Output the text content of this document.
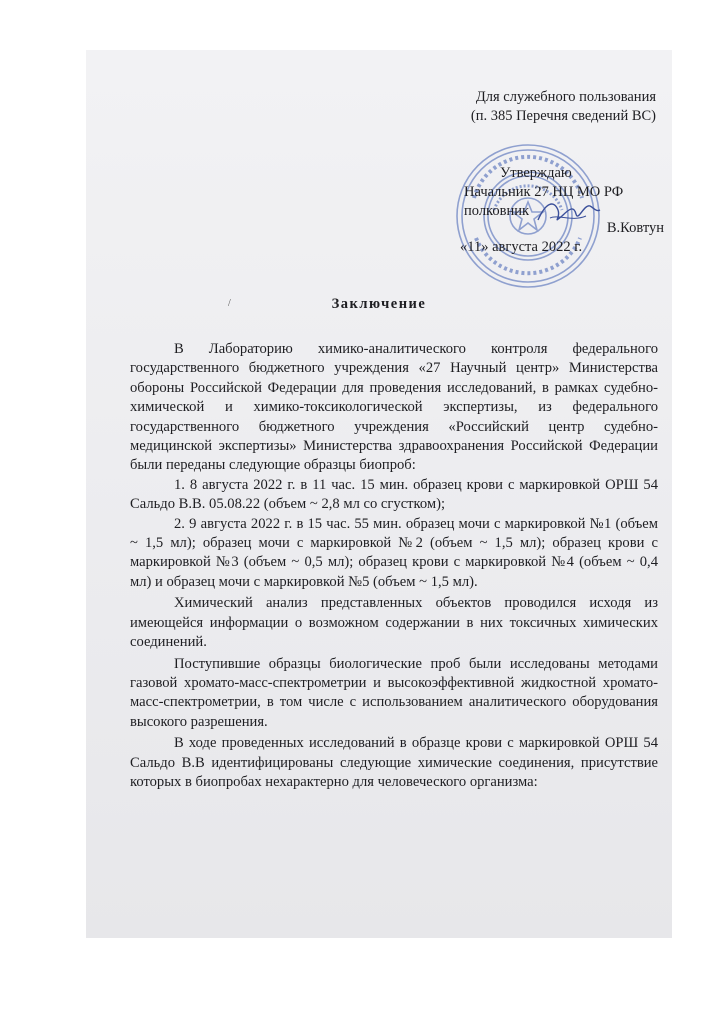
Для служебного пользования
(п. 385 Перечня сведений ВС)
Утверждаю
Начальник 27 НЦ МО РФ
полковник
В.Ковтун
«11» августа 2022 г.
/	Заключение

В Лабораторию химико-аналитического контроля федерального государственного бюджетного учреждения «27 Научный центр» Министерства обороны Российской Федерации для проведения исследований, в рамках судебно-химической и химико-токсикологической экспертизы, из федерального государственного бюджетного учреждения «Российский центр судебно-медицинской экспертизы» Министерства здравоохранения Российской Федерации были переданы следующие образцы биопроб:

1. 8 августа 2022 г. в 11 час. 15 мин. образец крови с маркировкой ОРШ 54 Сальдо В.В. 05.08.22 (объем ~ 2,8 мл со сгустком);

2. 9 августа 2022 г. в 15 час. 55 мин. образец мочи с маркировкой №1 (объем ~ 1,5 мл); образец мочи с маркировкой №2 (объем ~ 1,5 мл); образец крови с маркировкой №3 (объем ~ 0,5 мл); образец крови с маркировкой №4 (объем ~ 0,4 мл) и образец мочи с маркировкой №5 (объем ~ 1,5 мл).

Химический анализ представленных объектов проводился исходя из имеющейся информации о возможном содержании в них токсичных химических соединений.

Поступившие образцы биологические проб были исследованы методами газовой хромато-масс-спектрометрии и высокоэффективной жидкостной хромато-масс-спектрометрии, в том числе с использованием аналитического оборудования высокого разрешения.

В ходе проведенных исследований в образце крови с маркировкой ОРШ 54 Сальдо В.В идентифицированы следующие химические соединения, присутствие которых в биопробах нехарактерно для человеческого организма:
